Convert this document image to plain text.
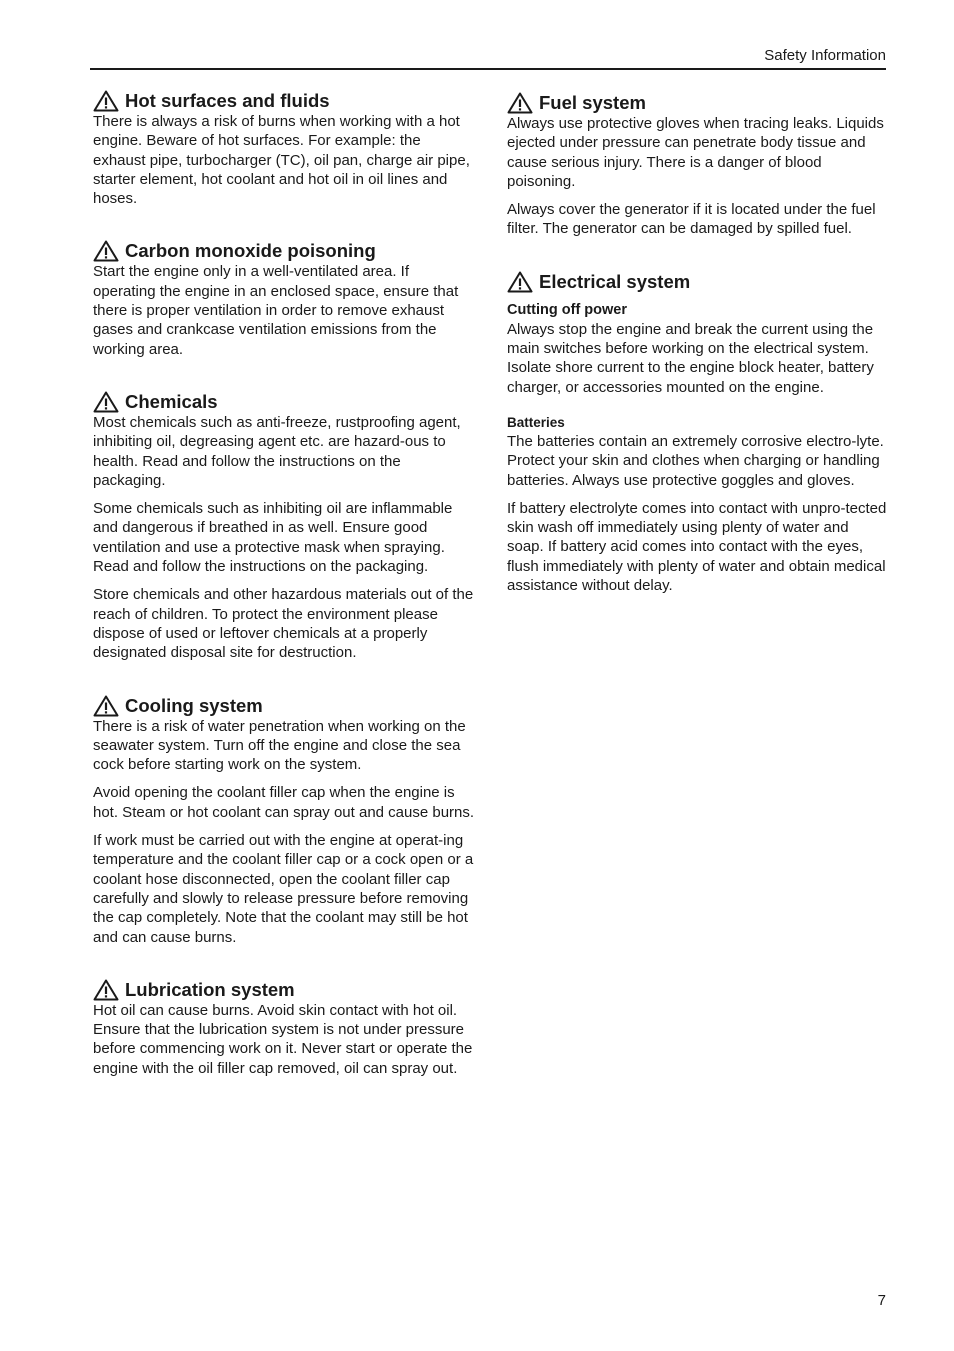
Safety Information
Hot surfaces and fluids

There is always a risk of burns when working with a hot engine. Beware of hot surfaces. For example: the exhaust pipe, turbocharger (TC), oil pan, charge air pipe, starter element, hot coolant and hot oil in oil lines and hoses.

Carbon monoxide poisoning

Start the engine only in a well-ventilated area. If operating the engine in an enclosed space, ensure that there is proper ventilation in order to remove exhaust gases and crankcase ventilation emissions from the working area.

Chemicals

Most chemicals such as anti-freeze, rustproofing agent, inhibiting oil, degreasing agent etc. are hazard-ous to health. Read and follow the instructions on the packaging.

Some chemicals such as inhibiting oil are inflammable and dangerous if breathed in as well. Ensure good ventilation and use a protective mask when spraying. Read and follow the instructions on the packaging.

Store chemicals and other hazardous materials out of the reach of children. To protect the environment please dispose of used or leftover chemicals at a properly designated disposal site for destruction.

Cooling system

There is a risk of water penetration when working on the seawater system. Turn off the engine and close the sea cock before starting work on the system.

Avoid opening the coolant filler cap when the engine is hot. Steam or hot coolant can spray out and cause burns.

If work must be carried out with the engine at operat-ing temperature and the coolant filler cap or a cock open or a coolant hose disconnected, open the coolant filler cap carefully and slowly to release pressure before removing the cap completely. Note that the coolant may still be hot and can cause burns.

Lubrication system

Hot oil can cause burns. Avoid skin contact with hot oil. Ensure that the lubrication system is not under pressure before commencing work on it. Never start or operate the engine with the oil filler cap removed, oil can spray out.

Fuel system

Always use protective gloves when tracing leaks. Liquids ejected under pressure can penetrate body tissue and cause serious injury. There is a danger of blood poisoning.

Always cover the generator if it is located under the fuel filter. The generator can be damaged by spilled fuel.

Electrical system
Cutting off power

Always stop the engine and break the current using the main switches before working on the electrical system. Isolate shore current to the engine block heater, battery charger, or accessories mounted on the engine.

Batteries

The batteries contain an extremely corrosive electro-lyte. Protect your skin and clothes when charging or handling batteries. Always use protective goggles and gloves.

If battery electrolyte comes into contact with unpro-tected skin wash off immediately using plenty of water and soap. If battery acid comes into contact with the eyes, flush immediately with plenty of water and obtain medical assistance without delay.

7
